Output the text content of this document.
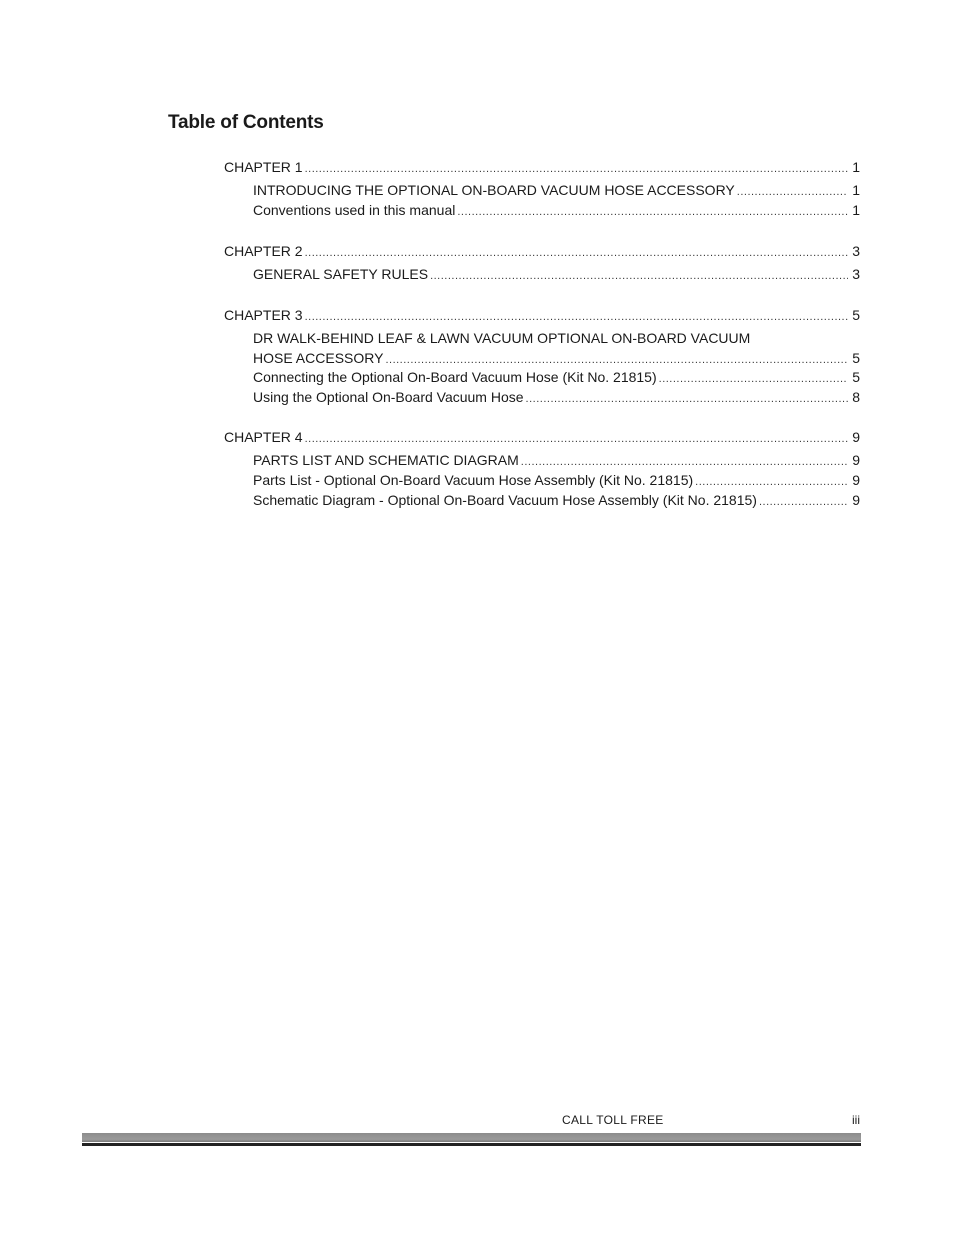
Table of Contents
CHAPTER 1 .....	1
INTRODUCING THE OPTIONAL ON-BOARD VACUUM HOSE ACCESSORY .....	1
Conventions used in this manual .....	1
CHAPTER 2 .....	3
GENERAL SAFETY RULES .....	3
CHAPTER 3 .....	5
DR WALK-BEHIND LEAF & LAWN VACUUM OPTIONAL ON-BOARD VACUUM
HOSE ACCESSORY .....	5
Connecting the Optional On-Board Vacuum Hose (Kit No. 21815) .....	5
Using the Optional On-Board Vacuum Hose .....	8
CHAPTER 4 .....	9
PARTS LIST AND SCHEMATIC DIAGRAM .....	9
Parts List - Optional On-Board Vacuum Hose Assembly (Kit No. 21815) .....	9
Schematic Diagram - Optional On-Board Vacuum Hose Assembly (Kit No. 21815) .....	9
CALL TOLL FREE	iii
